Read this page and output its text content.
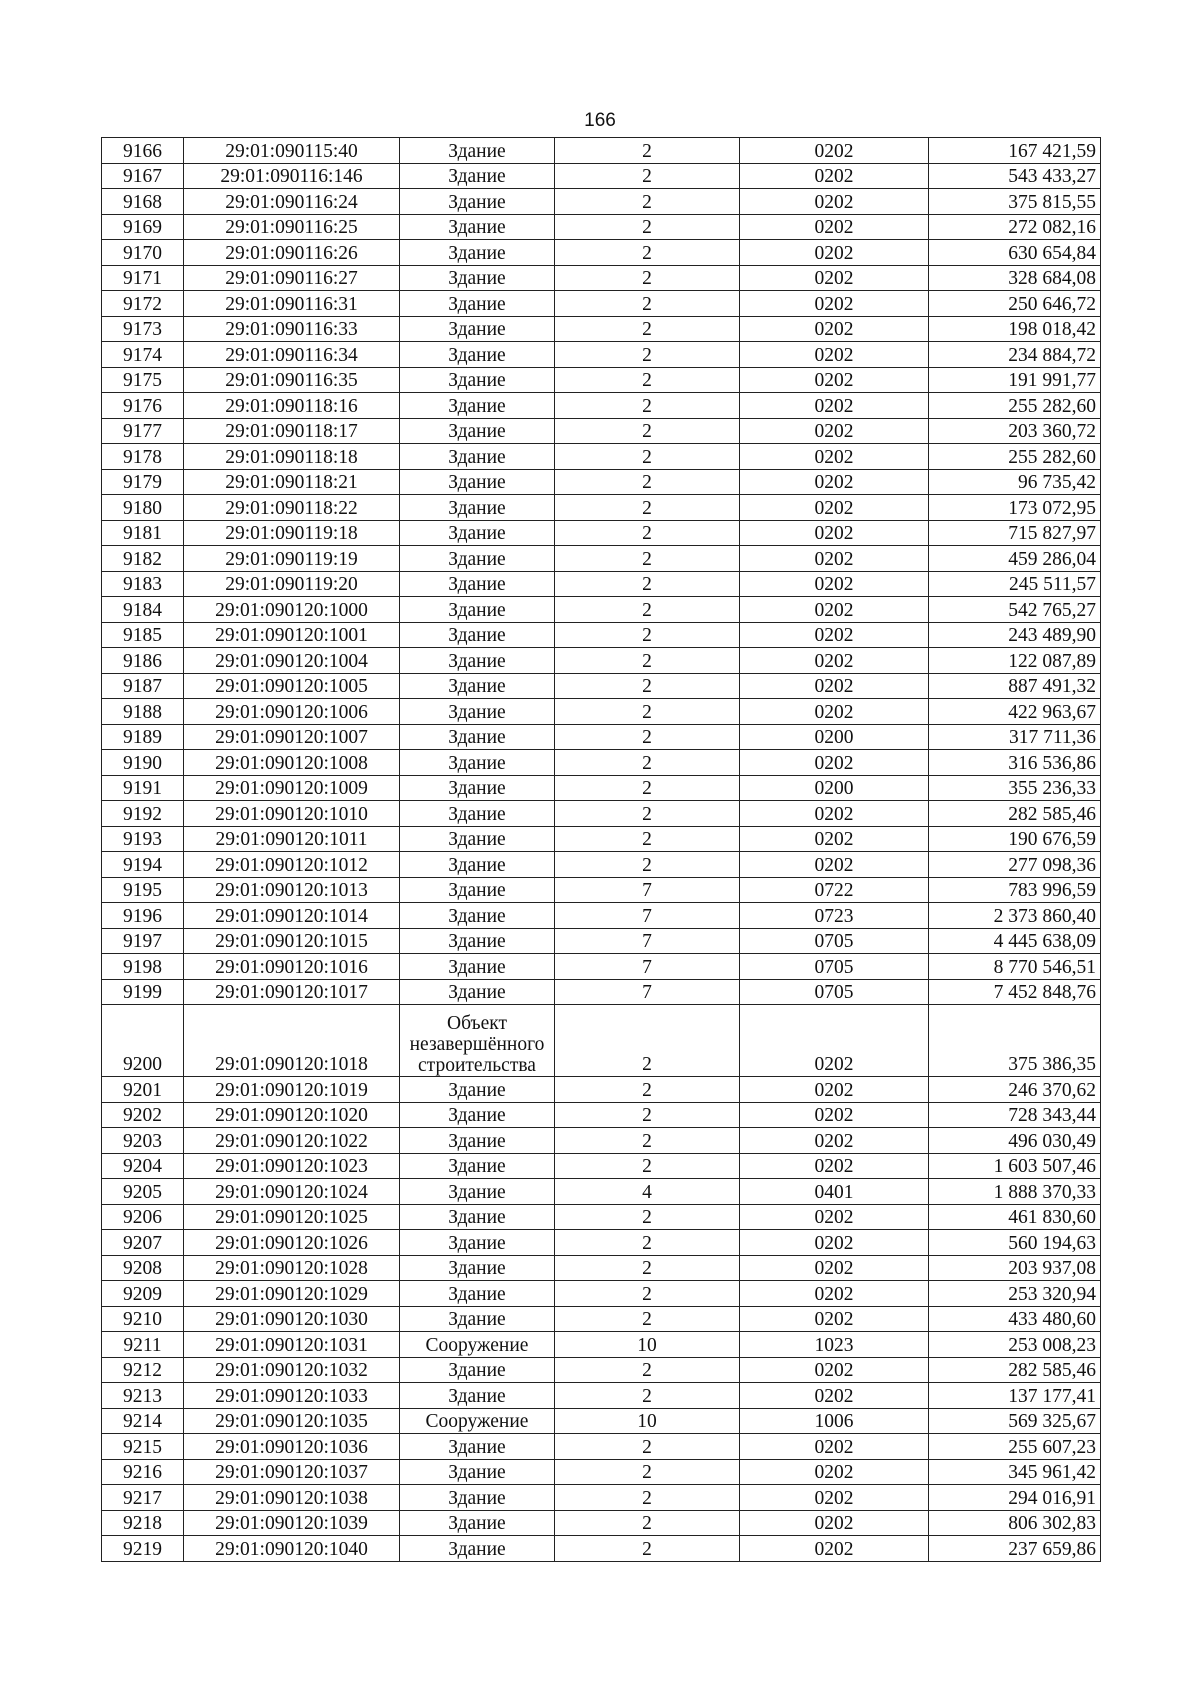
166
9166	29:01:090115:40	Здание	2	0202	167 421,59
9167	29:01:090116:146	Здание	2	0202	543 433,27
9168	29:01:090116:24	Здание	2	0202	375 815,55
9169	29:01:090116:25	Здание	2	0202	272 082,16
9170	29:01:090116:26	Здание	2	0202	630 654,84
9171	29:01:090116:27	Здание	2	0202	328 684,08
9172	29:01:090116:31	Здание	2	0202	250 646,72
9173	29:01:090116:33	Здание	2	0202	198 018,42
9174	29:01:090116:34	Здание	2	0202	234 884,72
9175	29:01:090116:35	Здание	2	0202	191 991,77
9176	29:01:090118:16	Здание	2	0202	255 282,60
9177	29:01:090118:17	Здание	2	0202	203 360,72
9178	29:01:090118:18	Здание	2	0202	255 282,60
9179	29:01:090118:21	Здание	2	0202	96 735,42
9180	29:01:090118:22	Здание	2	0202	173 072,95
9181	29:01:090119:18	Здание	2	0202	715 827,97
9182	29:01:090119:19	Здание	2	0202	459 286,04
9183	29:01:090119:20	Здание	2	0202	245 511,57
9184	29:01:090120:1000	Здание	2	0202	542 765,27
9185	29:01:090120:1001	Здание	2	0202	243 489,90
9186	29:01:090120:1004	Здание	2	0202	122 087,89
9187	29:01:090120:1005	Здание	2	0202	887 491,32
9188	29:01:090120:1006	Здание	2	0202	422 963,67
9189	29:01:090120:1007	Здание	2	0200	317 711,36
9190	29:01:090120:1008	Здание	2	0202	316 536,86
9191	29:01:090120:1009	Здание	2	0200	355 236,33
9192	29:01:090120:1010	Здание	2	0202	282 585,46
9193	29:01:090120:1011	Здание	2	0202	190 676,59
9194	29:01:090120:1012	Здание	2	0202	277 098,36
9195	29:01:090120:1013	Здание	7	0722	783 996,59
9196	29:01:090120:1014	Здание	7	0723	2 373 860,40
9197	29:01:090120:1015	Здание	7	0705	4 445 638,09
9198	29:01:090120:1016	Здание	7	0705	8 770 546,51
9199	29:01:090120:1017	Здание	7	0705	7 452 848,76
9200	29:01:090120:1018	Объект незавершённого строительства	2	0202	375 386,35
9201	29:01:090120:1019	Здание	2	0202	246 370,62
9202	29:01:090120:1020	Здание	2	0202	728 343,44
9203	29:01:090120:1022	Здание	2	0202	496 030,49
9204	29:01:090120:1023	Здание	2	0202	1 603 507,46
9205	29:01:090120:1024	Здание	4	0401	1 888 370,33
9206	29:01:090120:1025	Здание	2	0202	461 830,60
9207	29:01:090120:1026	Здание	2	0202	560 194,63
9208	29:01:090120:1028	Здание	2	0202	203 937,08
9209	29:01:090120:1029	Здание	2	0202	253 320,94
9210	29:01:090120:1030	Здание	2	0202	433 480,60
9211	29:01:090120:1031	Сооружение	10	1023	253 008,23
9212	29:01:090120:1032	Здание	2	0202	282 585,46
9213	29:01:090120:1033	Здание	2	0202	137 177,41
9214	29:01:090120:1035	Сооружение	10	1006	569 325,67
9215	29:01:090120:1036	Здание	2	0202	255 607,23
9216	29:01:090120:1037	Здание	2	0202	345 961,42
9217	29:01:090120:1038	Здание	2	0202	294 016,91
9218	29:01:090120:1039	Здание	2	0202	806 302,83
9219	29:01:090120:1040	Здание	2	0202	237 659,86
